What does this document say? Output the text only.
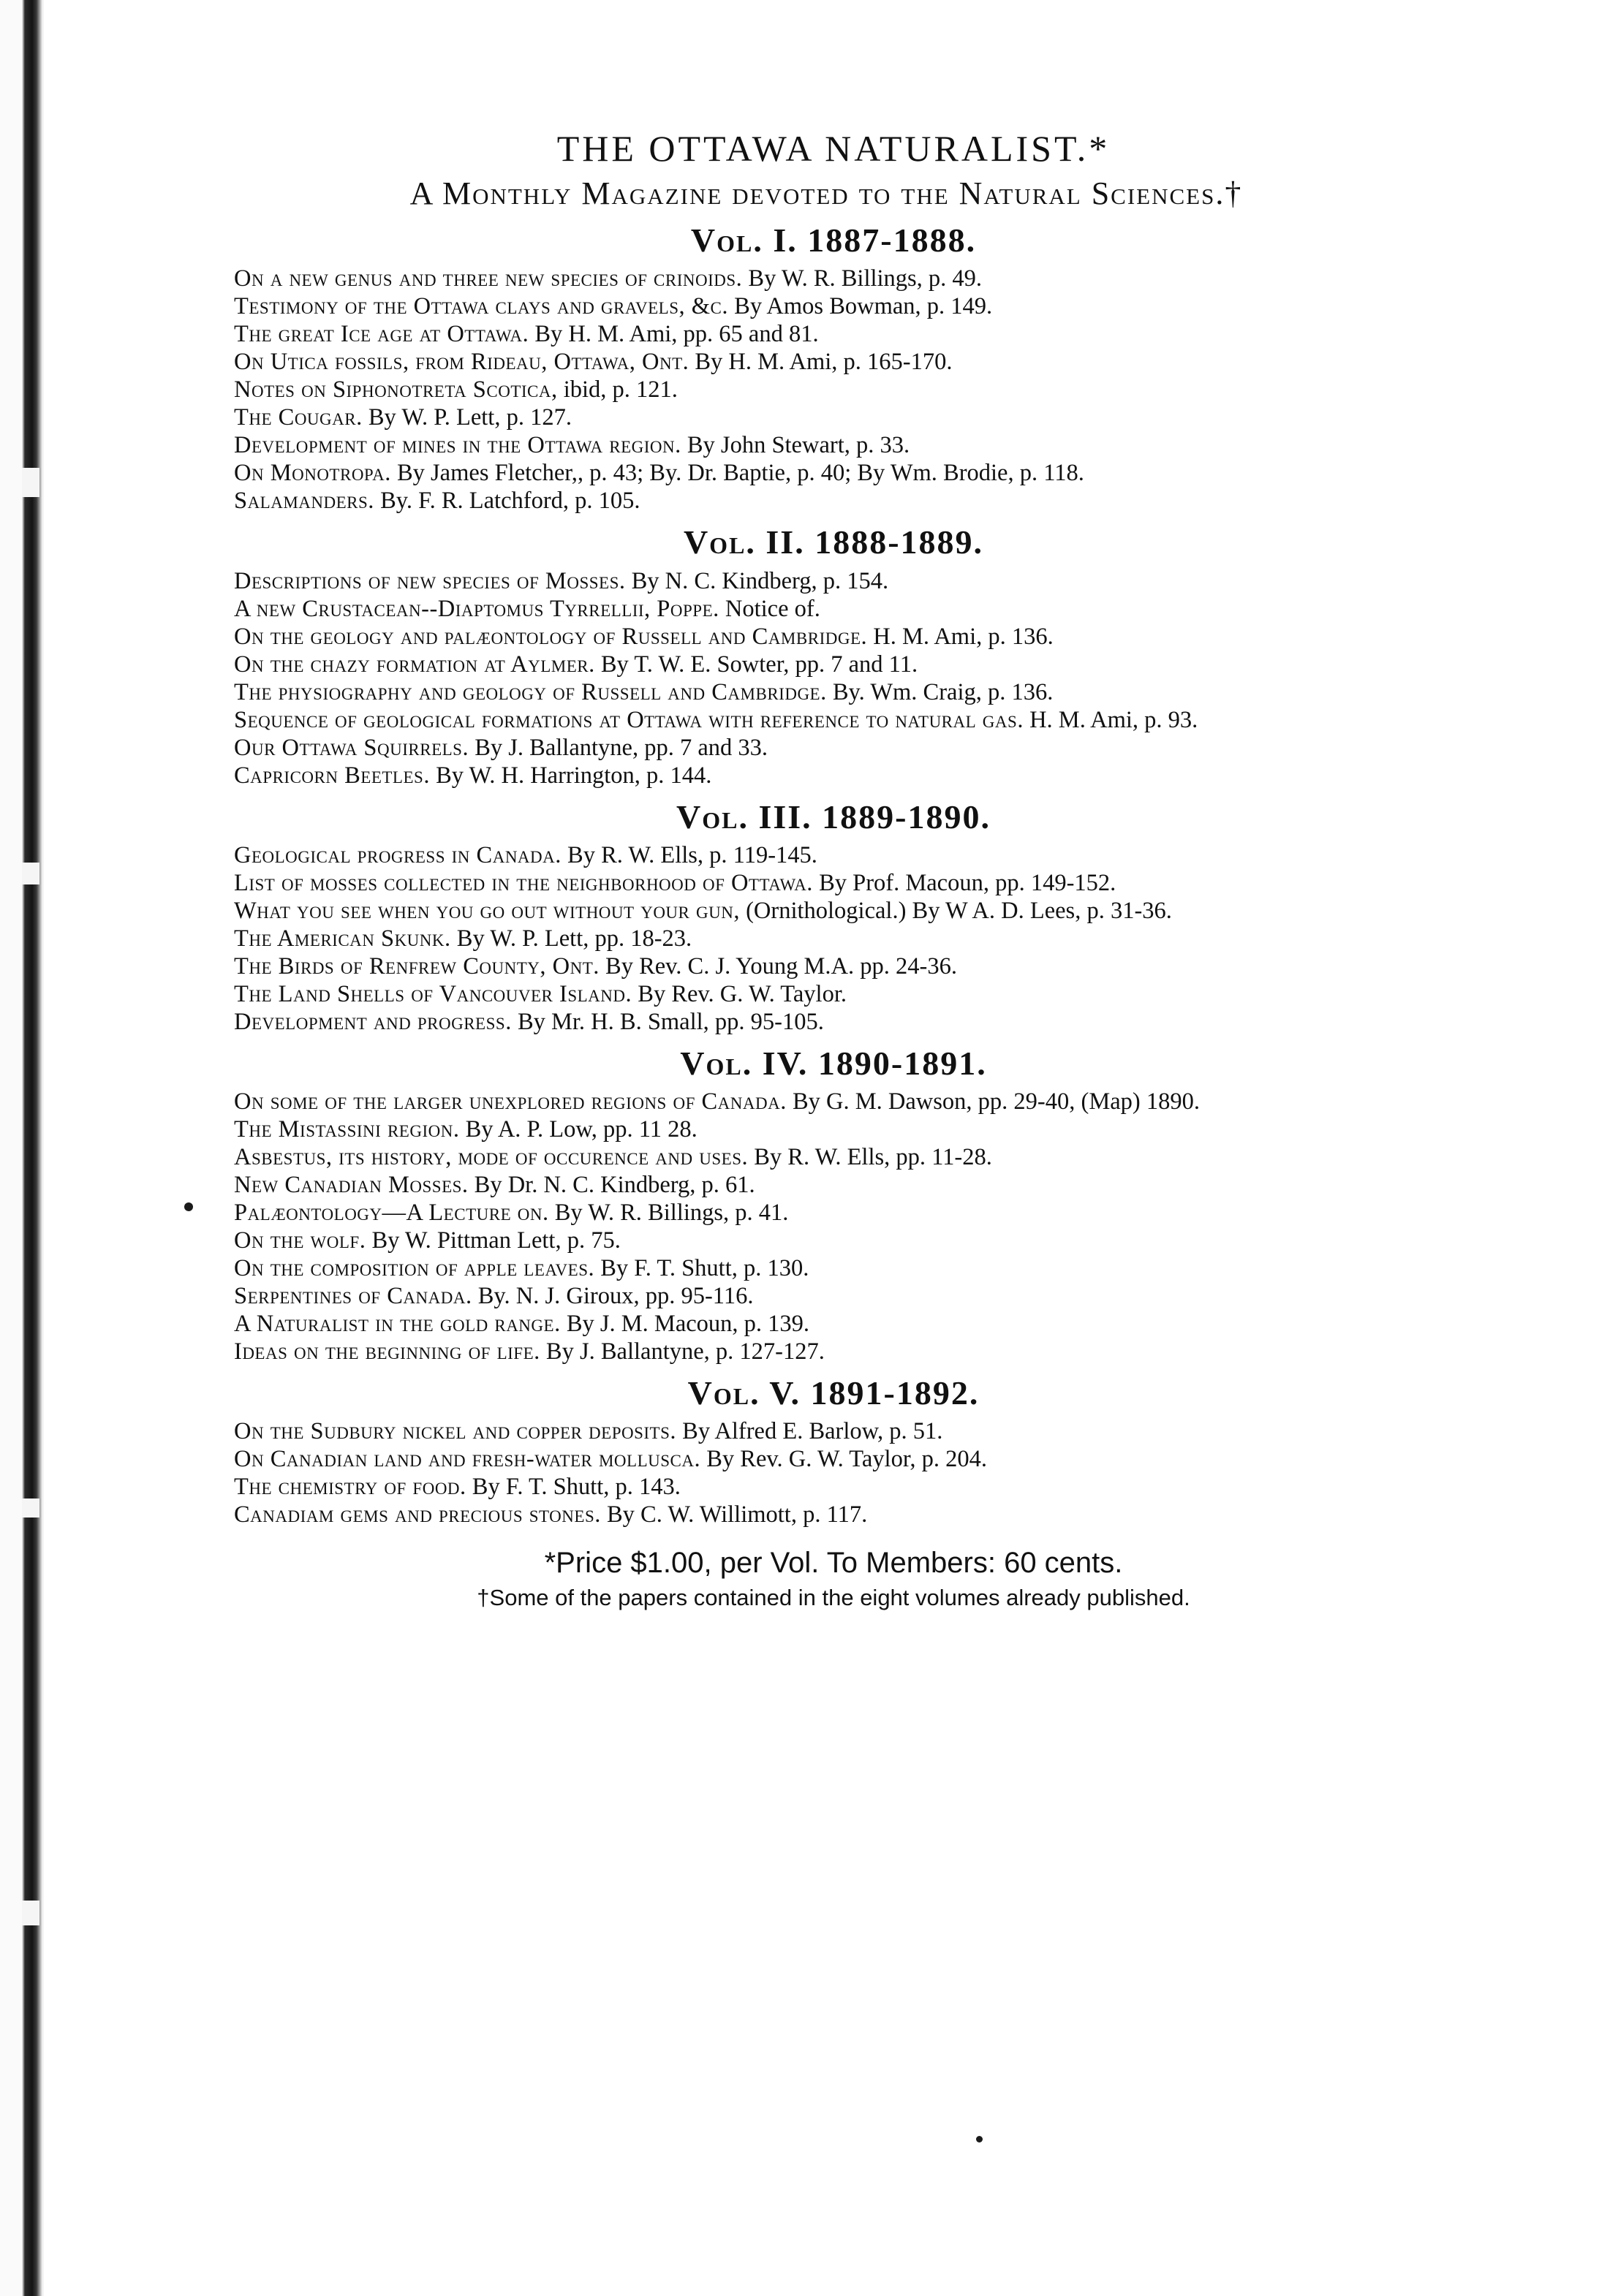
THE OTTAWA NATURALIST.*
A Monthly Magazine devoted to the Natural Sciences.†
Vol. I. 1887-1888.
On a new genus and three new species of crinoids. By W. R. Billings, p. 49.
Testimony of the Ottawa clays and gravels, &c. By Amos Bowman, p. 149.
The great Ice age at Ottawa. By H. M. Ami, pp. 65 and 81.
On Utica fossils, from Rideau, Ottawa, Ont. By H. M. Ami, p. 165-170.
Notes on Siphonotreta Scotica, ibid, p. 121.
The Cougar. By W. P. Lett, p. 127.
Development of mines in the Ottawa region. By John Stewart, p. 33.
On Monotropa. By James Fletcher,, p. 43; By. Dr. Baptie, p. 40; By Wm. Brodie, p. 118.
Salamanders. By. F. R. Latchford, p. 105.
Vol. II. 1888-1889.
Descriptions of new species of Mosses. By N. C. Kindberg, p. 154.
A new Crustacean--Diaptomus Tyrrellii, Poppe. Notice of.
On the geology and palæontology of Russell and Cambridge. H. M. Ami, p. 136.
On the chazy formation at Aylmer. By T. W. E. Sowter, pp. 7 and 11.
The physiography and geology of Russell and Cambridge. By. Wm. Craig, p. 136.
Sequence of geological formations at Ottawa with reference to natural gas. H. M. Ami, p. 93.
Our Ottawa Squirrels. By J. Ballantyne, pp. 7 and 33.
Capricorn Beetles. By W. H. Harrington, p. 144.
Vol. III. 1889-1890.
Geological progress in Canada. By R. W. Ells, p. 119-145.
List of mosses collected in the neighborhood of Ottawa. By Prof. Macoun, pp. 149-152.
What you see when you go out without your gun, (Ornithological.) By W A. D. Lees, p. 31-36.
The American Skunk. By W. P. Lett, pp. 18-23.
The Birds of Renfrew County, Ont. By Rev. C. J. Young M.A. pp. 24-36.
The Land Shells of Vancouver Island. By Rev. G. W. Taylor.
Development and progress. By Mr. H. B. Small, pp. 95-105.
Vol. IV. 1890-1891.
On some of the larger unexplored regions of Canada. By G. M. Dawson, pp. 29-40, (Map) 1890.
The Mistassini region. By A. P. Low, pp. 11 28.
Asbestus, its history, mode of occurence and uses. By R. W. Ells, pp. 11-28.
New Canadian Mosses. By Dr. N. C. Kindberg, p. 61.
Palæontology—A Lecture on. By W. R. Billings, p. 41.
On the wolf. By W. Pittman Lett, p. 75.
On the composition of apple leaves. By F. T. Shutt, p. 130.
Serpentines of Canada. By. N. J. Giroux, pp. 95-116.
A Naturalist in the gold range. By J. M. Macoun, p. 139.
Ideas on the beginning of life. By J. Ballantyne, p. 127-127.
Vol. V. 1891-1892.
On the Sudbury nickel and copper deposits. By Alfred E. Barlow, p. 51.
On Canadian land and fresh-water mollusca. By Rev. G. W. Taylor, p. 204.
The chemistry of food. By F. T. Shutt, p. 143.
Canadiam gems and precious stones. By C. W. Willimott, p. 117.
*Price $1.00, per Vol. To Members: 60 cents.
†Some of the papers contained in the eight volumes already published.
